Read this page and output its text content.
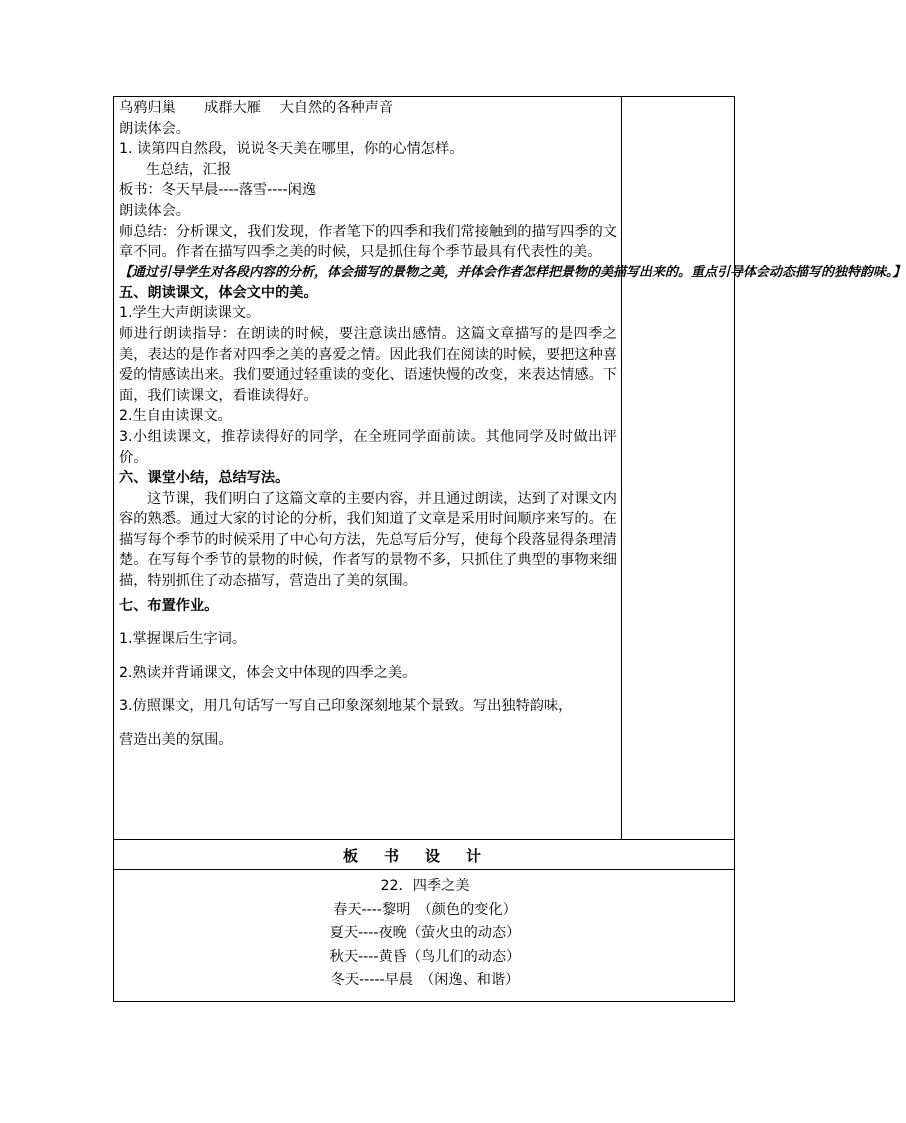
乌鸦归巢　　成群大雁　 大自然的各种声音

朗读体会。

1. 读第四自然段，说说冬天美在哪里，你的心情怎样。

生总结，汇报

板书：冬天早晨----落雪----闲逸

朗读体会。

师总结：分析课文，我们发现，作者笔下的四季和我们常接触到的描写四季的文章不同。作者在描写四季之美的时候，只是抓住每个季节最具有代表性的美。

【通过引导学生对各段内容的分析，体会描写的景物之美，并体会作者怎样把景物的美描写出来的。重点引导体会动态描写的独特韵味。】

五、朗读课文，体会文中的美。

1.学生大声朗读课文。

师进行朗读指导：在朗读的时候，要注意读出感情。这篇文章描写的是四季之美，表达的是作者对四季之美的喜爱之情。因此我们在阅读的时候，要把这种喜爱的情感读出来。我们要通过轻重读的变化、语速快慢的改变，来表达情感。下面，我们读课文，看谁读得好。

2.生自由读课文。

3.小组读课文，推荐读得好的同学，在全班同学面前读。其他同学及时做出评价。

六、课堂小结，总结写法。

这节课，我们明白了这篇文章的主要内容，并且通过朗读，达到了对课文内容的熟悉。通过大家的讨论的分析，我们知道了文章是采用时间顺序来写的。在描写每个季节的时候采用了中心句方法，先总写后分写，使每个段落显得条理清楚。在写每个季节的景物的时候，作者写的景物不多，只抓住了典型的事物来细描，特别抓住了动态描写，营造出了美的氛围。

七、布置作业。

1.掌握课后生字词。

2.熟读并背诵课文，体会文中体现的四季之美。

3.仿照课文，用几句话写一写自己印象深刻地某个景致。写出独特韵味，

营造出美的氛围。

板书设计

22．四季之美

春天----黎明　（颜色的变化）

夏天----夜晚（萤火虫的动态）

秋天----黄昏（鸟儿们的动态）

冬天-----早晨　（闲逸、和谐）
